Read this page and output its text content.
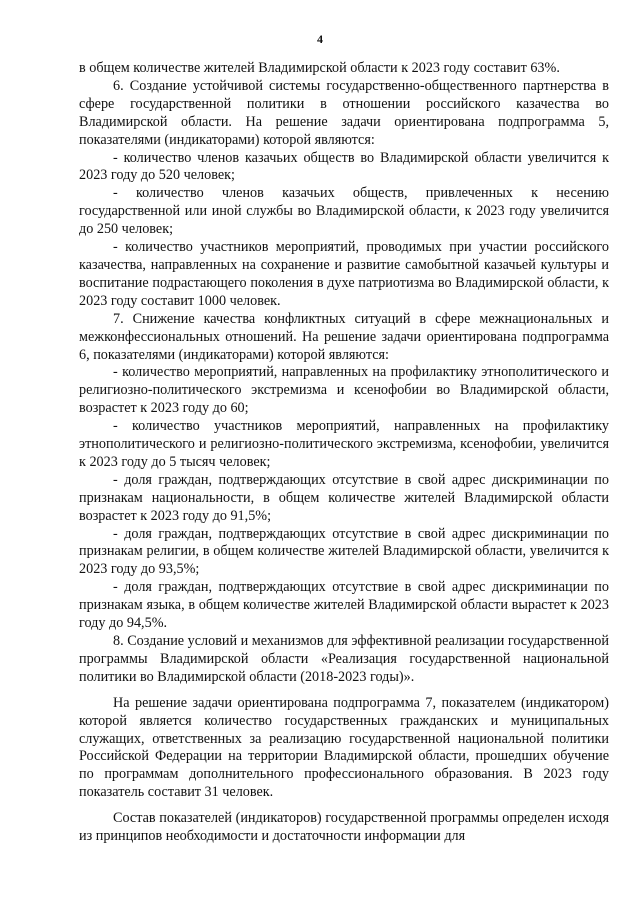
4

в общем количестве жителей Владимирской области к 2023 году составит 63%.

6. Создание устойчивой системы государственно-общественного партнерства в сфере государственной политики в отношении российского казачества во Владимирской области. На решение задачи ориентирована подпрограмма 5, показателями (индикаторами) которой являются:

- количество членов казачьих обществ во Владимирской области увеличится к 2023 году до 520 человек;

- количество членов казачьих обществ, привлеченных к несению государственной или иной службы во Владимирской области, к 2023 году увеличится до 250 человек;

- количество участников мероприятий, проводимых при участии российского казачества, направленных на сохранение и развитие самобытной казачьей культуры и воспитание подрастающего поколения в духе патриотизма во Владимирской области, к 2023 году составит 1000 человек.

7. Снижение качества конфликтных ситуаций в сфере межнациональных и межконфессиональных отношений. На решение задачи ориентирована подпрограмма 6, показателями (индикаторами) которой являются:

- количество мероприятий, направленных на профилактику этнополитического и религиозно-политического экстремизма и ксенофобии во Владимирской области, возрастет к 2023 году до 60;

- количество участников мероприятий, направленных на профилактику этнополитического и религиозно-политического экстремизма, ксенофобии, увеличится к 2023 году до 5 тысяч человек;

- доля граждан, подтверждающих отсутствие в свой адрес дискриминации по признакам национальности, в общем количестве жителей Владимирской области возрастет к 2023 году до 91,5%;

- доля граждан, подтверждающих отсутствие в свой адрес дискриминации по признакам религии, в общем количестве жителей Владимирской области, увеличится к 2023 году до 93,5%;

- доля граждан, подтверждающих отсутствие в свой адрес дискриминации по признакам языка, в общем количестве жителей Владимирской области вырастет к 2023 году до 94,5%.

8. Создание условий и механизмов для эффективной реализации государственной программы Владимирской области «Реализация государственной национальной политики во Владимирской области (2018-2023 годы)».

На решение задачи ориентирована подпрограмма 7, показателем (индикатором) которой является количество государственных гражданских и муниципальных служащих, ответственных за реализацию государственной национальной политики Российской Федерации на территории Владимирской области, прошедших обучение по программам дополнительного профессионального образования. В 2023 году показатель составит 31 человек.

Состав показателей (индикаторов) государственной программы определен исходя из принципов необходимости и достаточности информации для
